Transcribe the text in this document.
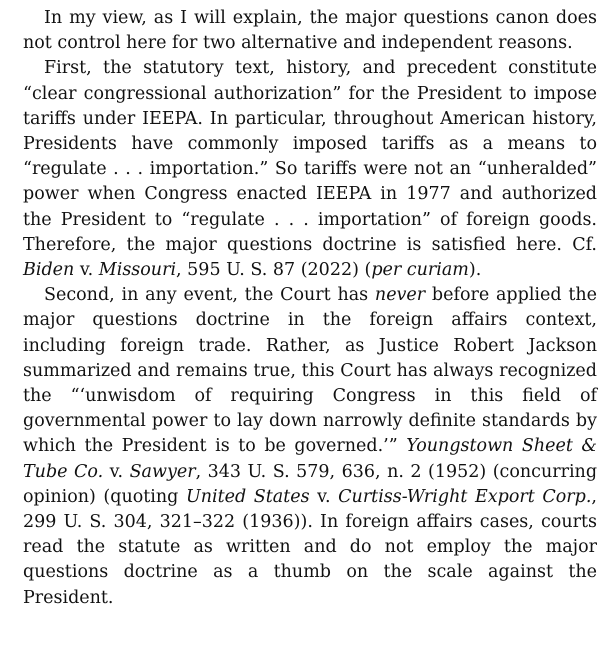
In my view, as I will explain, the major questions canon does not control here for two alternative and independent reasons.

First, the statutory text, history, and precedent constitute “clear congressional authorization” for the President to impose tariffs under IEEPA. In particular, throughout American history, Presidents have commonly imposed tariffs as a means to “regulate . . . importation.” So tariffs were not an “unheralded” power when Congress enacted IEEPA in 1977 and authorized the President to “regulate . . . importation” of foreign goods. Therefore, the major questions doctrine is satisfied here. Cf. Biden v. Missouri, 595 U. S. 87 (2022) (per curiam).

Second, in any event, the Court has never before applied the major questions doctrine in the foreign affairs context, including foreign trade. Rather, as Justice Robert Jackson summarized and remains true, this Court has always recognized the “‘unwisdom of requiring Congress in this field of governmental power to lay down narrowly definite standards by which the President is to be governed.’” Youngstown Sheet & Tube Co. v. Sawyer, 343 U. S. 579, 636, n. 2 (1952) (concurring opinion) (quoting United States v. Curtiss-Wright Export Corp., 299 U. S. 304, 321–322 (1936)). In foreign affairs cases, courts read the statute as written and do not employ the major questions doctrine as a thumb on the scale against the President.
